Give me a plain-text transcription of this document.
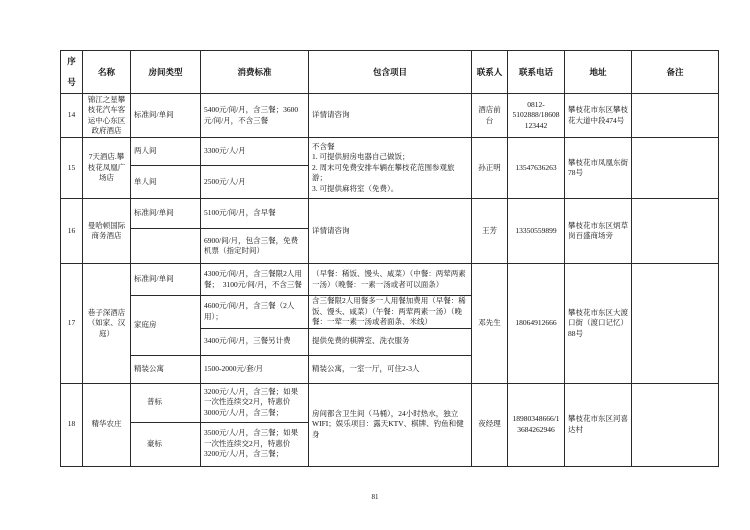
序号	名称	房间类型	消费标准	包含项目	联系人	联系电话	地址	备注
14	锦江之星攀枝花汽车客运中心东区政府酒店	标准间/单间	5400元/间/月，含三餐；3600元/间/月，不含三餐	详情请咨询	酒店前台	0812-5102888/18608123442	攀枝花市东区攀枝花大道中段474号	
15	7天酒店.攀枝花凤凰广场店	两人间	3300元/人/月	不含餐
1. 可提供厨房电器自己做饭；
2. 周末可免费安排车辆在攀枝花范围参观旅游；
3. 可提供麻将室（免费）。	孙正明	13547636263	攀枝花市凤凰东街78号	
		单人间	2500元/人/月					
16	曼哈顿国际商务酒店	标准间/单间	5100元/间/月，含早餐	详情请咨询	王芳	13350559899	攀枝花市东区炳草岗百盛商场旁	
			6900/间/月，包含三餐，免费机票（指定时间）					
17	巷子深酒店（如家、汉庭）	标准间/单间	4300元/间/月，含三餐限2人用餐；　3100元/间/月，不含三餐	（早餐：稀饭、馒头、咸菜）（中餐：两荤两素一汤）（晚餐：一素一汤或者可以面条）	邓先生	18064912666	攀枝花市东区大渡口街（渡口记忆）88号	
		家庭房	4600元/间/月，含三餐（2人用）；	含三餐限2人用餐多一人用餐加费用（早餐：稀饭、馒头、咸菜）（午餐：两荤两素一汤）（晚餐：一荤一素一汤或者面条、米线）				
			3400元/间/月，三餐另计费	提供免费的棋牌室、洗衣服务				
		精装公寓	1500-2000元/套/月	精装公寓，一室一厅，可住2-3人				
18	精华农庄	普标	3200元/人/月，含三餐；如果一次性连续交2月，特惠价3000元/人/月，含三餐；	房间都含卫生间（马桶），24小时热水，独立WIFI；娱乐项目：露天KTV、棋牌、钓鱼和健身	夜经理	18980348666/13684262946	攀枝花市东区河喜达村	
		豪标	3500元/人/月，含三餐；如果一次性连续交2月，特惠价3200元/人/月，含三餐；					
81
